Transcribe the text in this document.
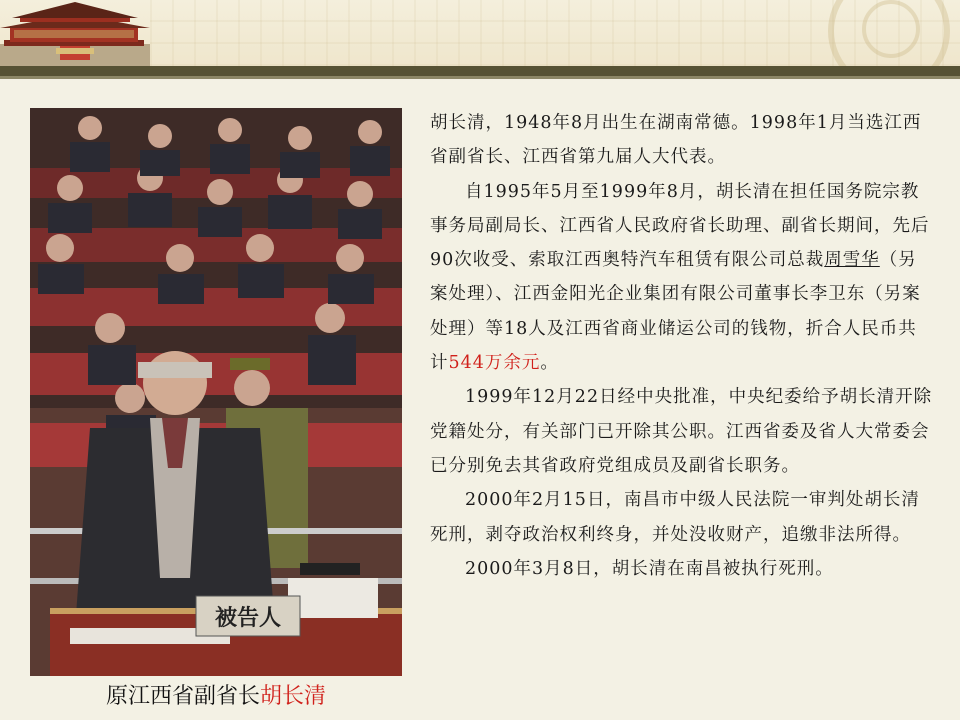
被告人
原江西省副省长胡长清

胡长清，1948年8月出生在湖南常德。1998年1月当选江西省副省长、江西省第九届人大代表。

自1995年5月至1999年8月，胡长清在担任国务院宗教事务局副局长、江西省人民政府省长助理、副省长期间，先后90次收受、索取江西奥特汽车租赁有限公司总裁周雪华（另案处理）、江西金阳光企业集团有限公司董事长李卫东（另案处理）等18人及江西省商业储运公司的钱物，折合人民币共计544万余元。

1999年12月22日经中央批准，中央纪委给予胡长清开除党籍处分，有关部门已开除其公职。江西省委及省人大常委会已分别免去其省政府党组成员及副省长职务。

2000年2月15日，南昌市中级人民法院一审判处胡长清死刑，剥夺政治权利终身，并处没收财产，追缴非法所得。

2000年3月8日，胡长清在南昌被执行死刑。
